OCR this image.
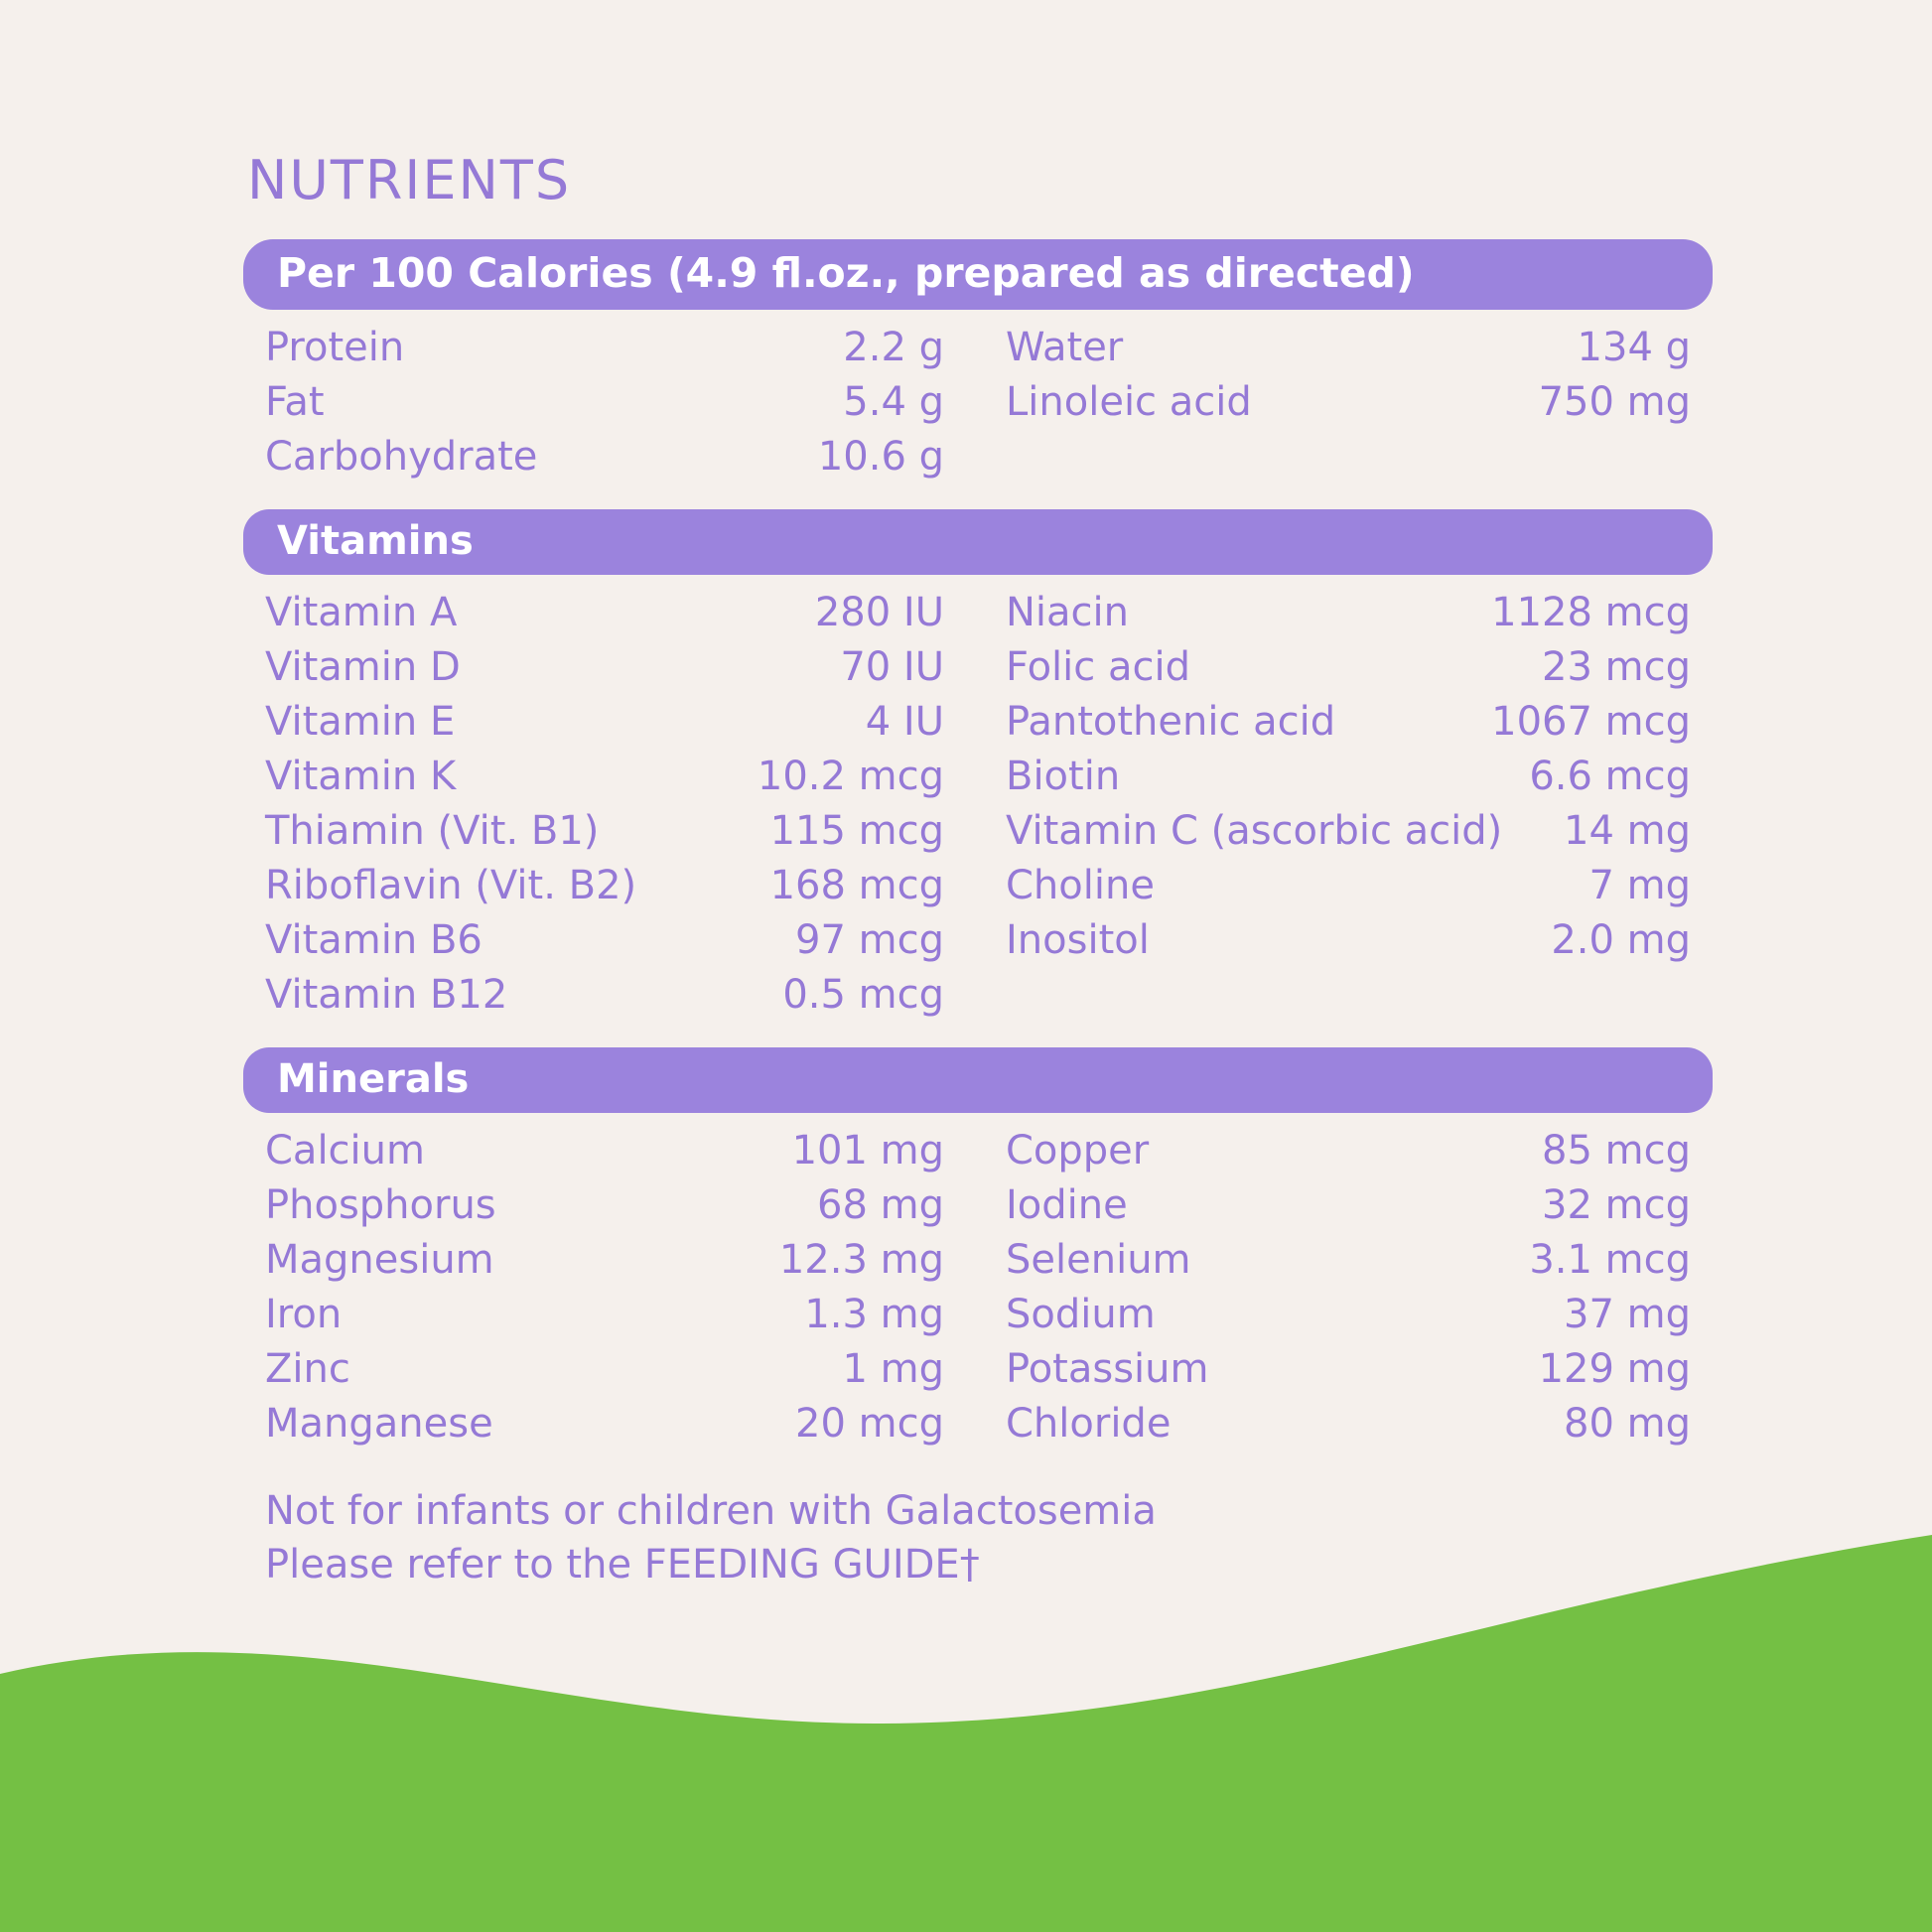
NUTRIENTS
Per 100 Calories (4.9 fl.oz., prepared as directed)
Protein	2.2 g Water	134 g
Fat	5.4 g Linoleic acid	750 mg
Carbohydrate	10.6 g
Vitamins
Vitamin A	280 IU Niacin	1128 mcg
Vitamin D	70 IU Folic acid	23 mcg
Vitamin E	4 IU Pantothenic acid	1067 mcg
Vitamin K	10.2 mcg Biotin	6.6 mcg
Thiamin (Vit. B1)	115 mcg Vitamin C (ascorbic acid) 14 mg
Riboflavin (Vit. B2)	168 mcg Choline	7 mg
Vitamin B6	97 mcg Inositol	2.0 mg
Vitamin B12	0.5 mcg
Minerals
Calcium	101 mg Copper	85 mcg
Phosphorus	68 mg Iodine	32 mcg
Magnesium	12.3 mg Selenium	3.1 mcg
Iron	1.3 mg Sodium	37 mg
Zinc	1 mg Potassium	129 mg
Manganese	20 mcg Chloride	80 mg
Not for infants or children with Galactosemia
Please refer to the FEEDING GUIDE†
